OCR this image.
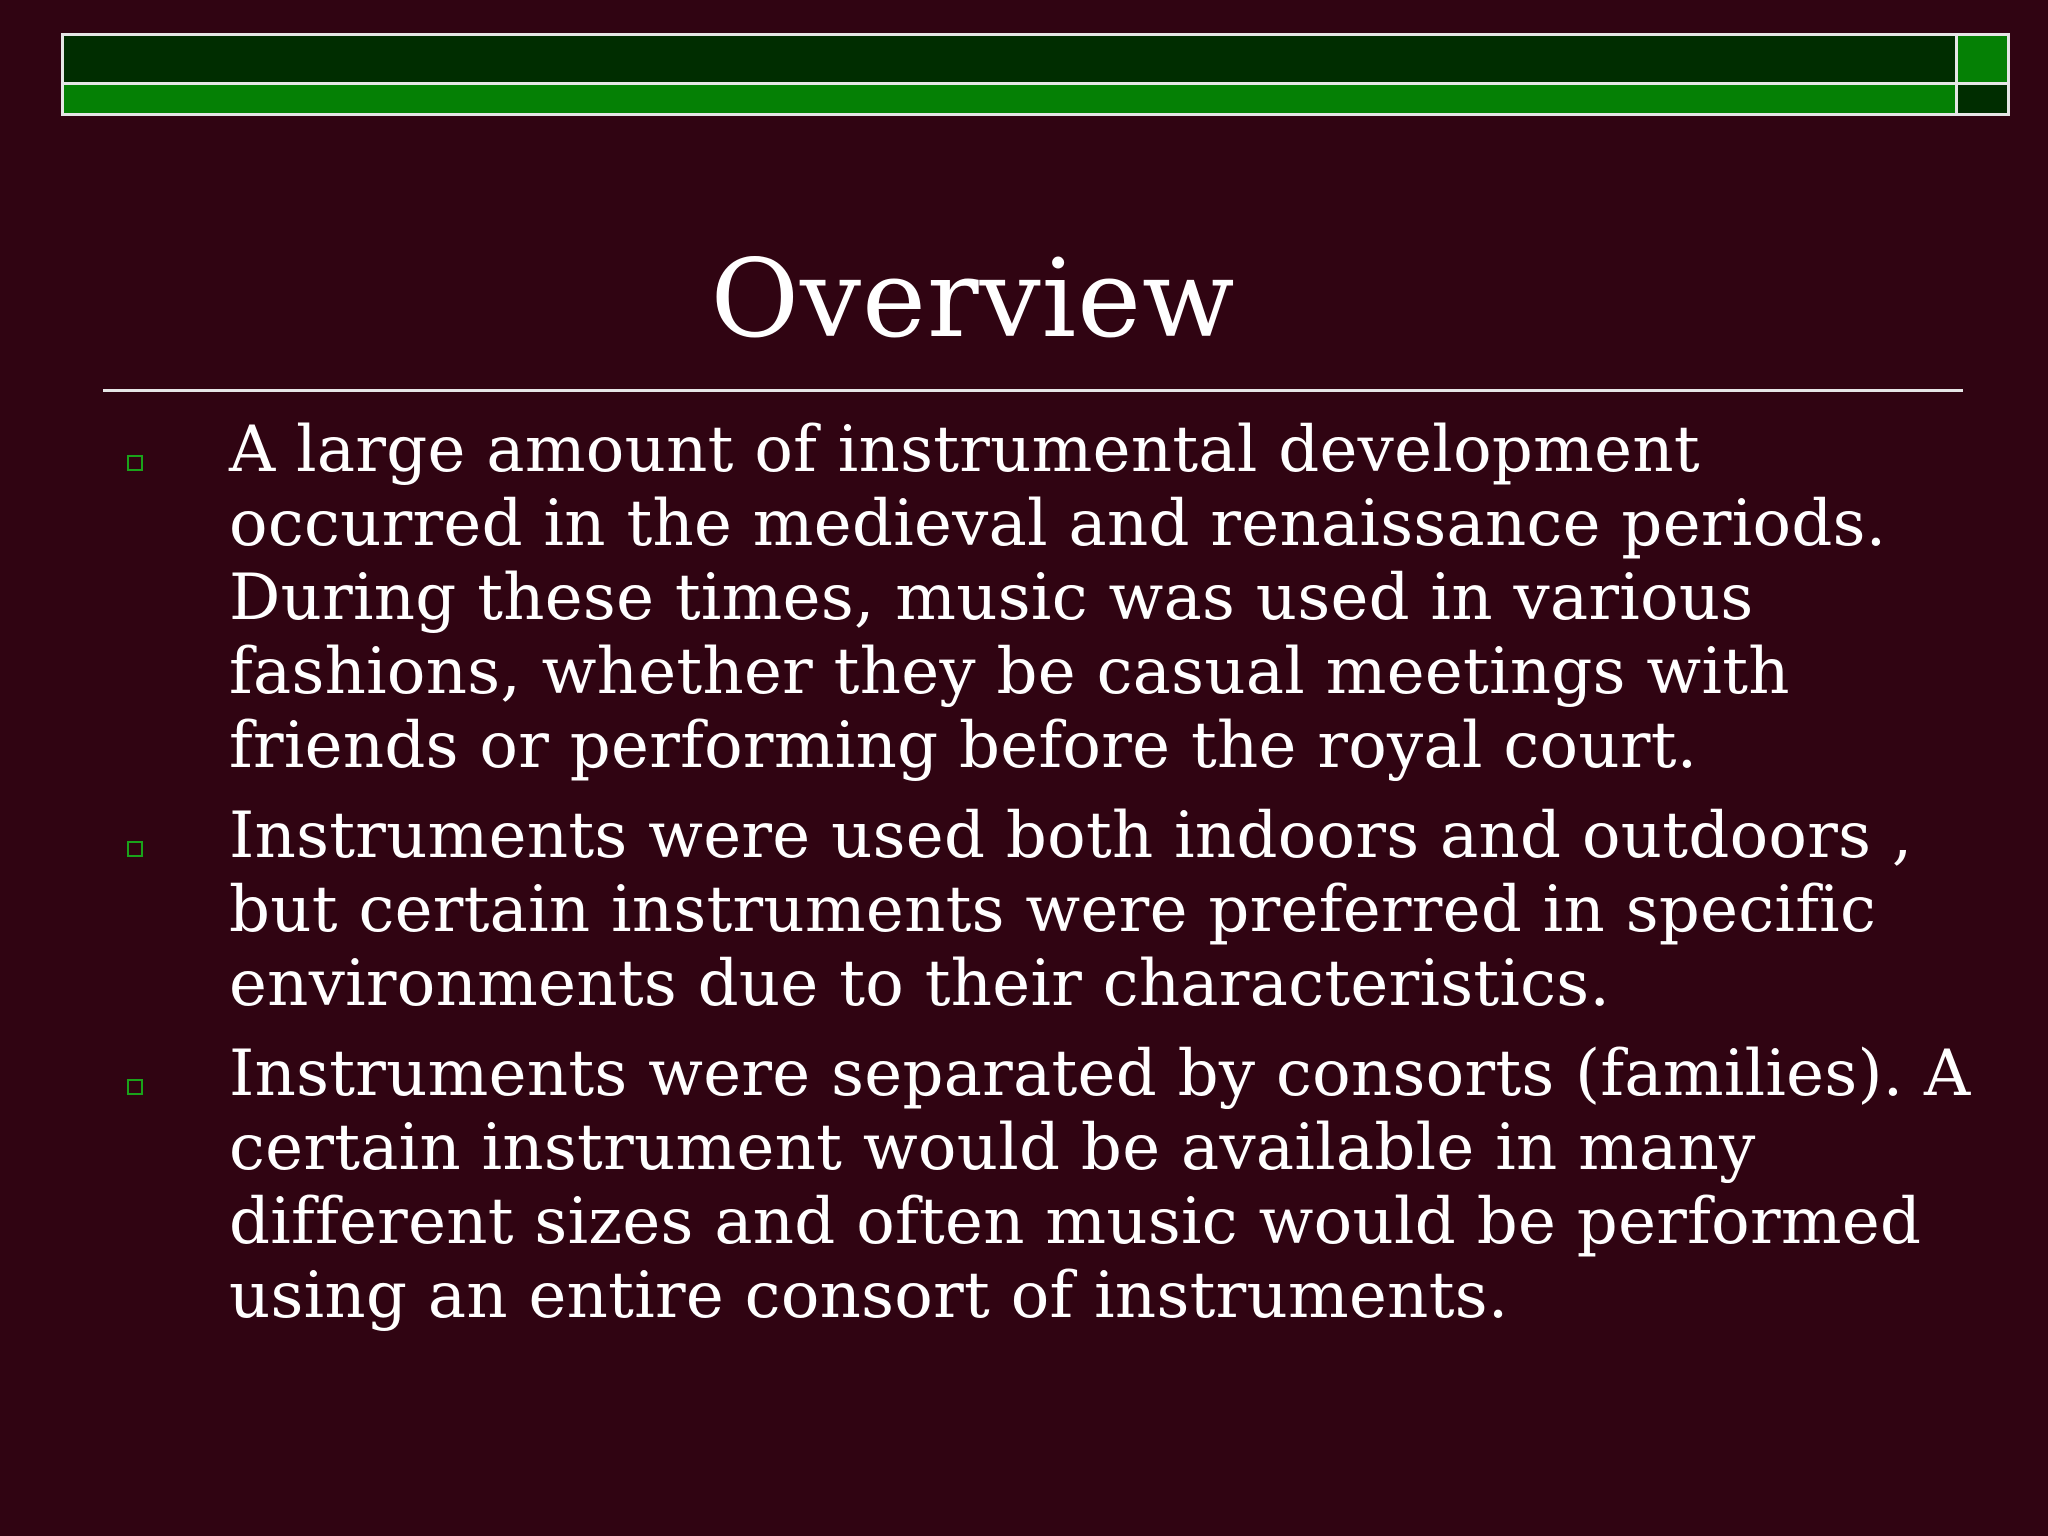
Overview
A large amount of instrumental development occurred in the medieval and renaissance periods. During these times, music was used in various fashions, whether they be casual meetings with friends or performing before the royal court.
Instruments were used both indoors and outdoors , but certain instruments were preferred in specific environments due to their characteristics.
Instruments were separated by consorts (families). A certain instrument would be available in many different sizes and often music would be performed using an entire consort of instruments.
